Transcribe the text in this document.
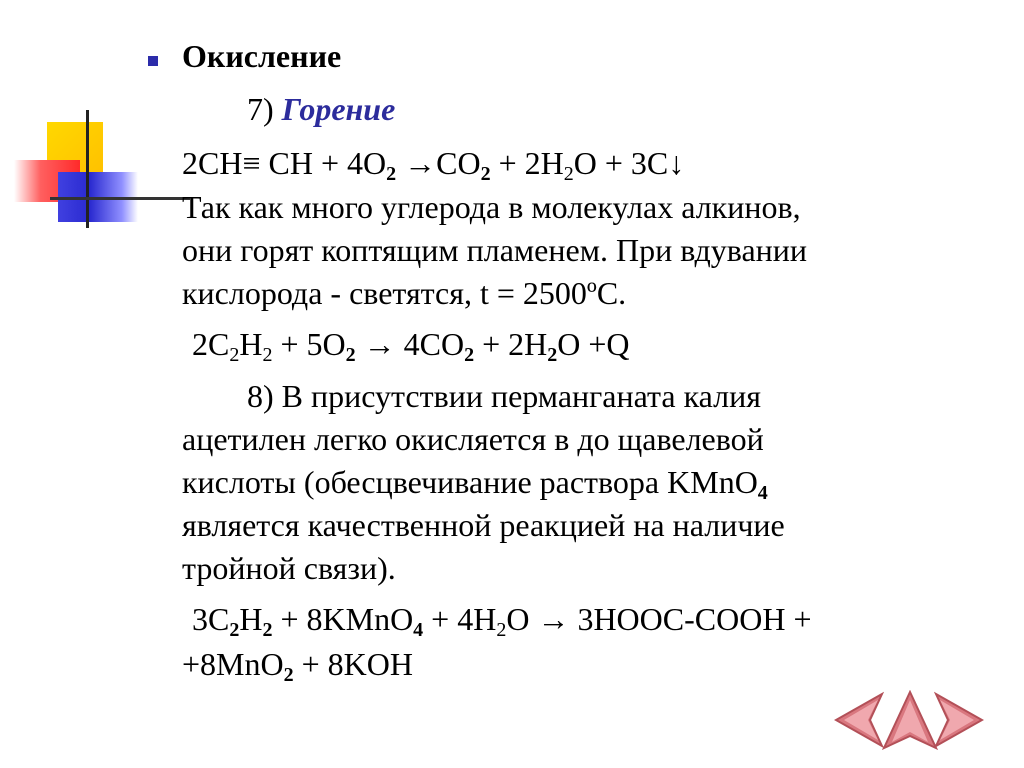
Окисление
7) Горение
2CH≡ CH + $4O_2 \to CO_2 + 2H_2O$ + 3C↓
Так как много углерода в молекулах алкинов,
они горят коптящим пламенем. При вдувании
кислорода - светятся, t = 2500ºС.
$2C_2H_2 + 5O_2 \to 4CO_2 + 2H_2O +Q$
8) В присутствии перманганата калия
ацетилен легко окисляется в до щавелевой
кислоты (обесцвечивание раствора KMnO$_4$
является качественной реакцией на наличие
тройной связи).
$3C_2H_2$ + 8KMnO$_4$ + $4H_2O$ → 3HOOC-COOH +
+8MnO$_2$ + 8KOH
